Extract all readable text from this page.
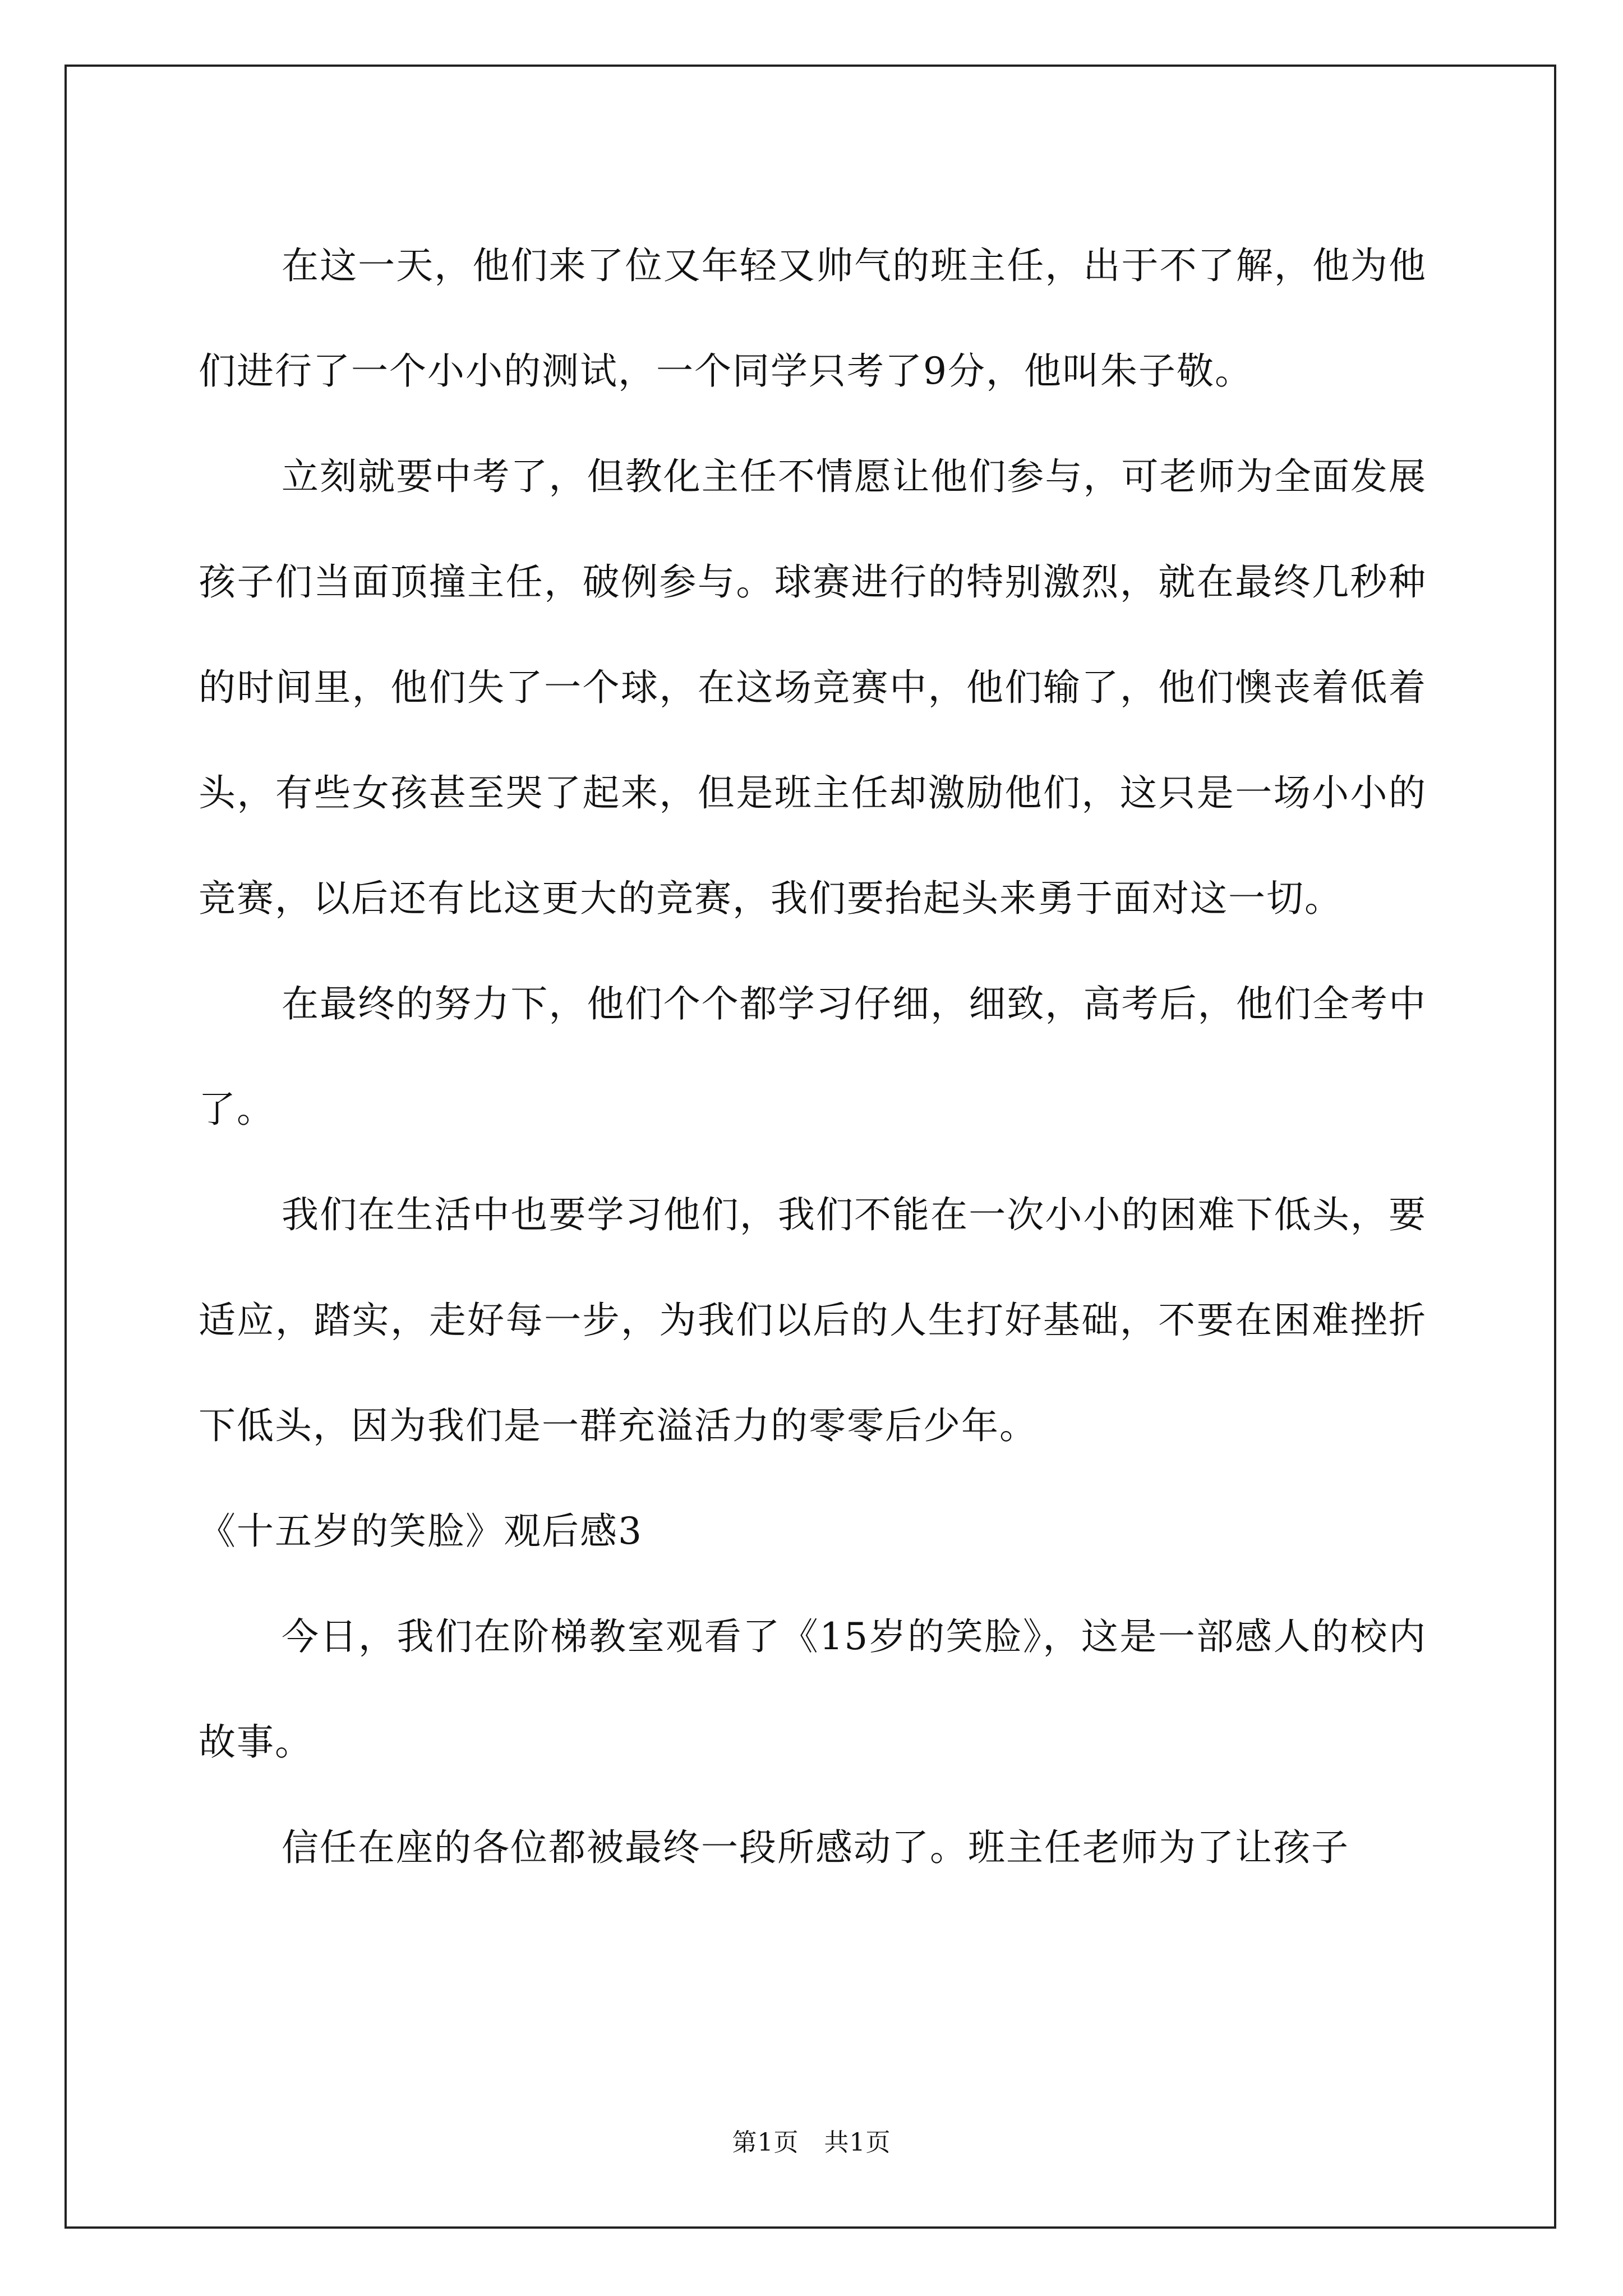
在这一天，他们来了位又年轻又帅气的班主任，出于不了解，他为他们进行了一个小小的测试，一个同学只考了9分，他叫朱子敬。

立刻就要中考了，但教化主任不情愿让他们参与，可老师为全面发展孩子们当面顶撞主任，破例参与。球赛进行的特别激烈，就在最终几秒种的时间里，他们失了一个球，在这场竞赛中，他们输了，他们懊丧着低着头，有些女孩甚至哭了起来，但是班主任却激励他们，这只是一场小小的竞赛，以后还有比这更大的竞赛，我们要抬起头来勇于面对这一切。

在最终的努力下，他们个个都学习仔细，细致，高考后，他们全考中了。

我们在生活中也要学习他们，我们不能在一次小小的困难下低头，要适应，踏实，走好每一步，为我们以后的人生打好基础，不要在困难挫折下低头，因为我们是一群充溢活力的零零后少年。

《十五岁的笑脸》观后感3

今日，我们在阶梯教室观看了《15岁的笑脸》，这是一部感人的校内故事。

信任在座的各位都被最终一段所感动了。班主任老师为了让孩子

第1页　共1页
